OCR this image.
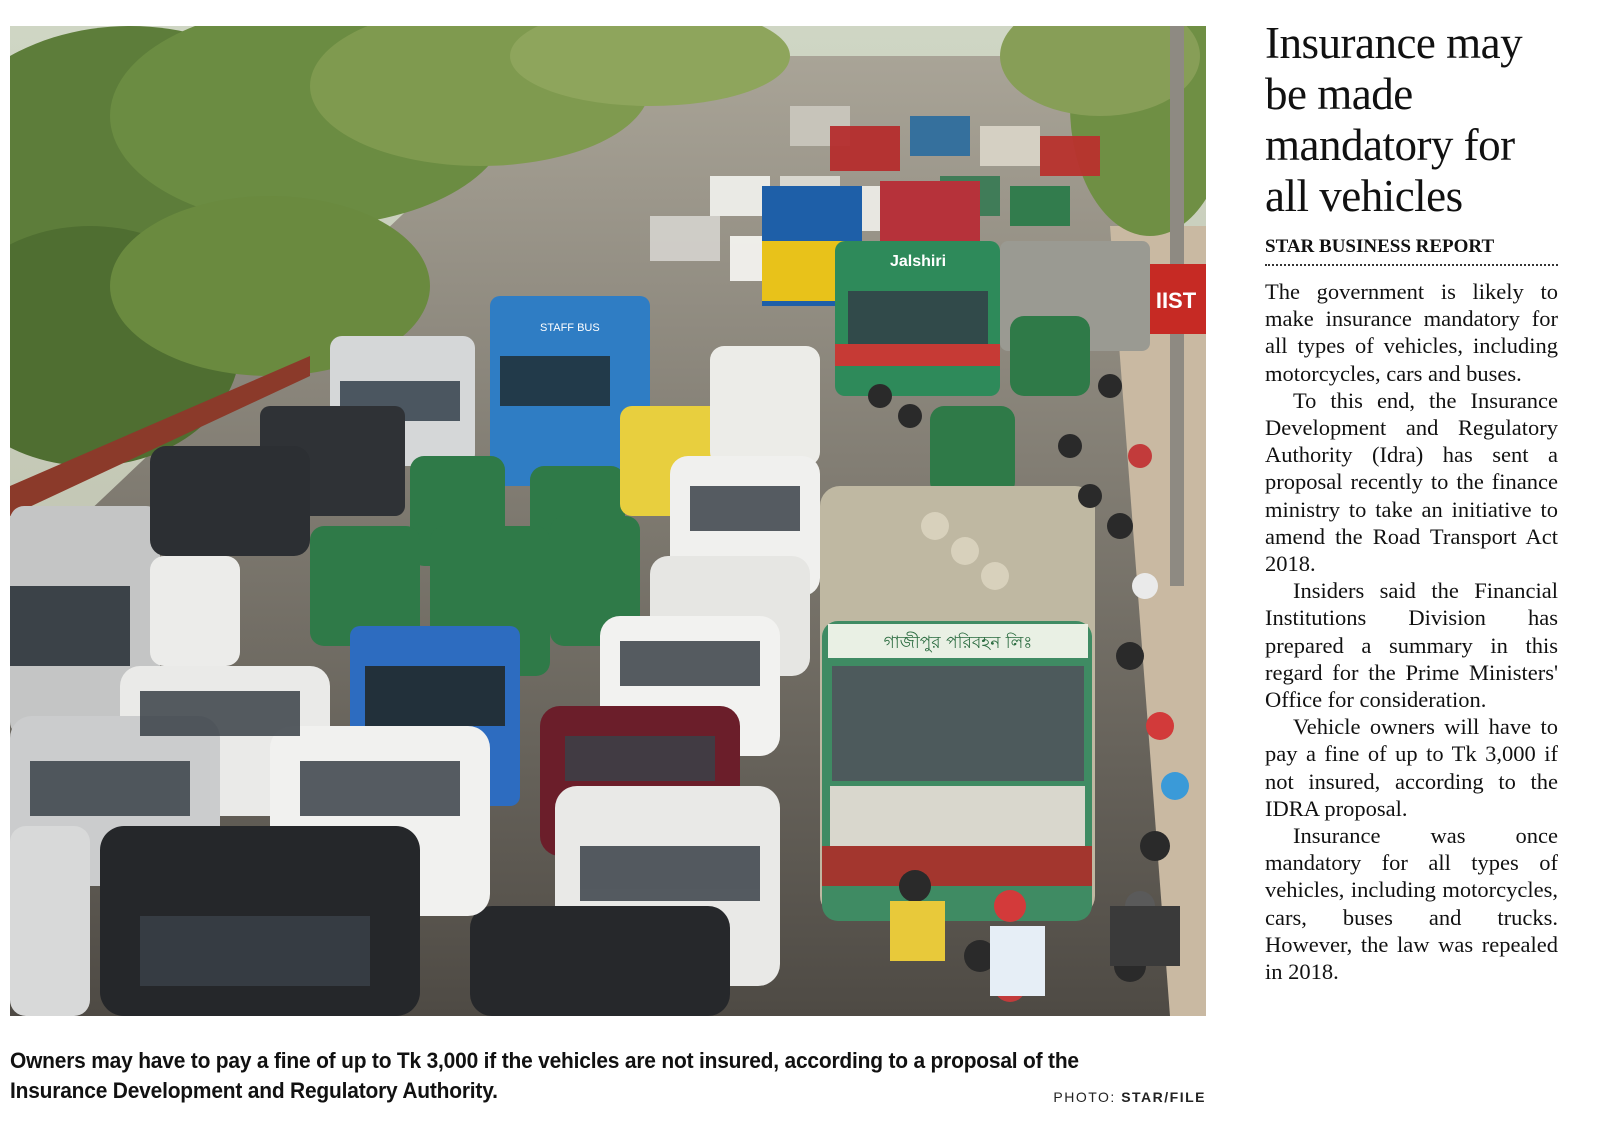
IIST
Jalshiri
STAFF BUS
গাজীপুর পরিবহন লিঃ
Owners may have to pay a fine of up to Tk 3,000 if the vehicles are not insured, according to a proposal of the Insurance Development and Regulatory Authority.	PHOTO: STAR/FILE
Insurance may be made mandatory for all vehicles
STAR BUSINESS REPORT

The government is likely to make insurance mandatory for all types of vehicles, including motorcycles, cars and buses.

To this end, the Insurance Development and Regulatory Authority (Idra) has sent a proposal recently to the finance ministry to take an initiative to amend the Road Transport Act 2018.

Insiders said the Financial Institutions Division has prepared a summary in this regard for the Prime Ministers' Office for consideration.

Vehicle owners will have to pay a fine of up to Tk 3,000 if not insured, according to the IDRA proposal.

Insurance was once mandatory for all types of vehicles, including motorcycles, cars, buses and trucks. However, the law was repealed in 2018.
